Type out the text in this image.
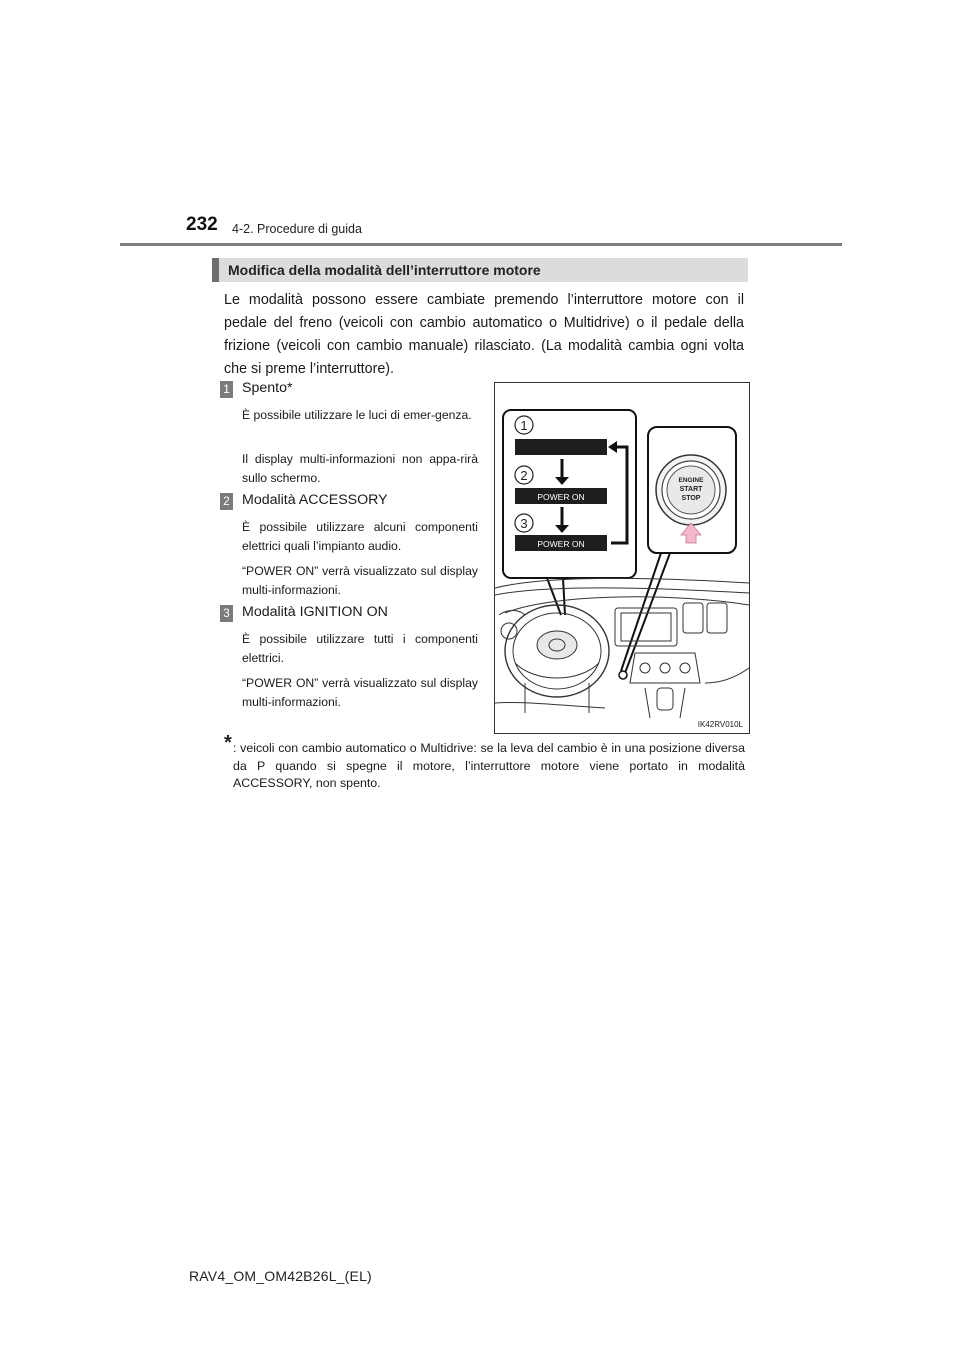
232 4-2. Procedure di guida
Modifica della modalità dell’interruttore motore
Le modalità possono essere cambiate premendo l’interruttore motore con il pedale del freno (veicoli con cambio automatico o Multidrive) o il pedale della frizione (veicoli con cambio manuale) rilasciato. (La modalità cambia ogni volta che si preme l’interruttore).
1 Spento*
È possibile utilizzare le luci di emer-genza.
Il display multi-informazioni non appa-rirà sullo schermo.
2 Modalità ACCESSORY
È possibile utilizzare alcuni componenti elettrici quali l’impianto audio.
“POWER ON” verrà visualizzato sul display multi-informazioni.
3 Modalità IGNITION ON
È possibile utilizzare tutti i componenti elettrici.
“POWER ON” verrà visualizzato sul display multi-informazioni.
1
2
POWER ON
3
POWER ON
ENGINE
START
STOP
IK42RV010L
* : veicoli con cambio automatico o Multidrive: se la leva del cambio è in una posizione diversa da P quando si spegne il motore, l’interruttore motore viene portato in modalità ACCESSORY, non spento.
RAV4_OM_OM42B26L_(EL)
